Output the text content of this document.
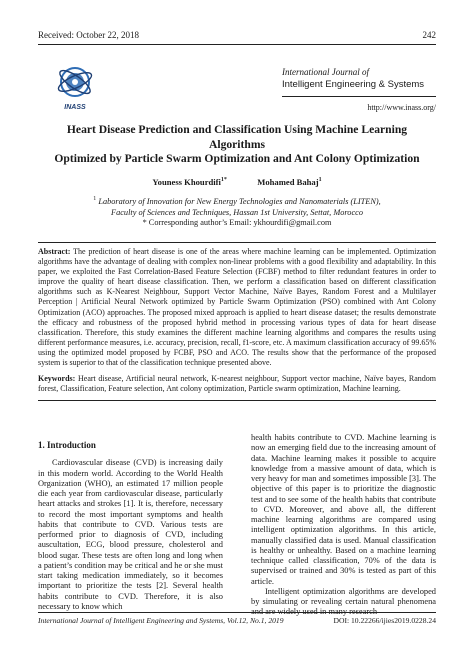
Received: October 22, 2018	242
INASS
International Journal of
Intelligent Engineering & Systems
http://www.inass.org/
Heart Disease Prediction and Classification Using Machine Learning Algorithms
Optimized by Particle Swarm Optimization and Ant Colony Optimization
Youness Khourdifi$^{1*}$	Mohamed Bahaj$^1$
$^1$ Laboratory of Innovation for New Energy Technologies and Nanomaterials (LITEN),
Faculty of Sciences and Techniques, Hassan 1st University, Settat, Morocco
* Corresponding author’s Email: ykhourdifi@gmail.com
Abstract: The prediction of heart disease is one of the areas where machine learning can be implemented. Optimization algorithms have the advantage of dealing with complex non-linear problems with a good flexibility and adaptability. In this paper, we exploited the Fast Correlation-Based Feature Selection (FCBF) method to filter redundant features in order to improve the quality of heart disease classification. Then, we perform a classification based on different classification algorithms such as K-Nearest Neighbour, Support Vector Machine, Naïve Bayes, Random Forest and a Multilayer Perception | Artificial Neural Network optimized by Particle Swarm Optimization (PSO) combined with Ant Colony Optimization (ACO) approaches. The proposed mixed approach is applied to heart disease dataset; the results demonstrate the efficacy and robustness of the proposed hybrid method in processing various types of data for heart disease classification. Therefore, this study examines the different machine learning algorithms and compares the results using different performance measures, i.e. accuracy, precision, recall, f1-score, etc. A maximum classification accuracy of 99.65% using the optimized model proposed by FCBF, PSO and ACO. The results show that the performance of the proposed system is superior to that of the classification technique presented above.
Keywords: Heart disease, Artificial neural network, K-nearest neighbour, Support vector machine, Naïve bayes, Random forest, Classification, Feature selection, Ant colony optimization, Particle swarm optimization, Machine learning.
1. Introduction
Cardiovascular disease (CVD) is increasing daily in this modern world. According to the World Health Organization (WHO), an estimated 17 million people die each year from cardiovascular disease, particularly heart attacks and strokes [1]. It is, therefore, necessary to record the most important symptoms and health habits that contribute to CVD. Various tests are performed prior to diagnosis of CVD, including auscultation, ECG, blood pressure, cholesterol and blood sugar. These tests are often long and long when a patient’s condition may be critical and he or she must start taking medication immediately, so it becomes important to prioritize the tests [2]. Several health habits contribute to CVD. Therefore, it is also necessary to know which
health habits contribute to CVD. Machine learning is now an emerging field due to the increasing amount of data. Machine learning makes it possible to acquire knowledge from a massive amount of data, which is very heavy for man and sometimes impossible [3]. The objective of this paper is to prioritize the diagnostic test and to see some of the health habits that contribute to CVD. Moreover, and above all, the different machine learning algorithms are compared using intelligent optimization algorithms. In this article, manually classified data is used. Manual classification is healthy or unhealthy. Based on a machine learning technique called classification, 70% of the data is supervised or trained and 30% is tested as part of this article.
Intelligent optimization algorithms are developed by simulating or revealing certain natural phenomena and are widely used in many research
International Journal of Intelligent Engineering and Systems, Vol.12, No.1, 2019	DOI: 10.22266/ijies2019.0228.24
